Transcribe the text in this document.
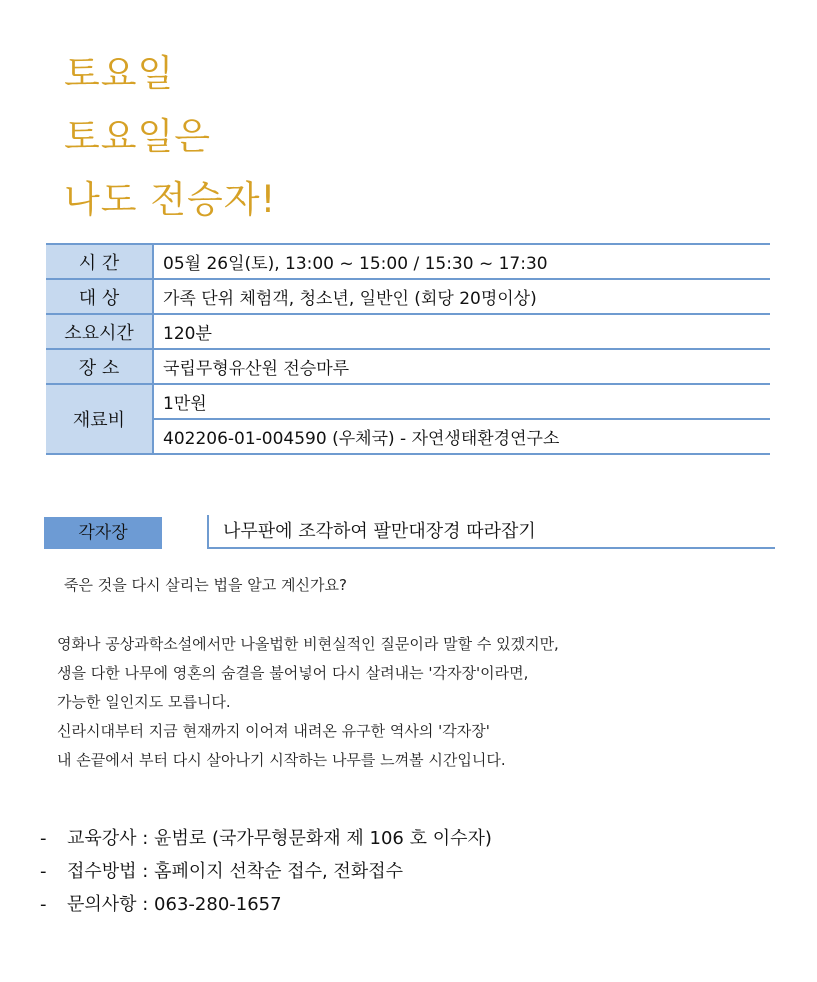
토요일
토요일은
나도 전승자!
시 간	05월 26일(토), 13:00 ~ 15:00 / 15:30 ~ 17:30
대 상	가족 단위 체험객, 청소년, 일반인 (회당 20명이상)
소요시간	120분
장 소	국립무형유산원 전승마루
재료비	1만원
	402206-01-004590 (우체국) - 자연생태환경연구소
각자장	나무판에 조각하여 팔만대장경 따라잡기
죽은 것을 다시 살리는 법을 알고 계신가요?
영화나 공상과학소설에서만 나올법한 비현실적인 질문이라 말할 수 있겠지만,
생을 다한 나무에 영혼의 숨결을 불어넣어 다시 살려내는 '각자장'이라면,
가능한 일인지도 모릅니다.
신라시대부터 지금 현재까지 이어져 내려온 유구한 역사의 '각자장'
내 손끝에서 부터 다시 살아나기 시작하는 나무를 느껴볼 시간입니다.
- 교육강사 : 윤범로 (국가무형문화재 제 106 호 이수자)
- 접수방법 : 홈페이지 선착순 접수, 전화접수
- 문의사항 : 063-280-1657
